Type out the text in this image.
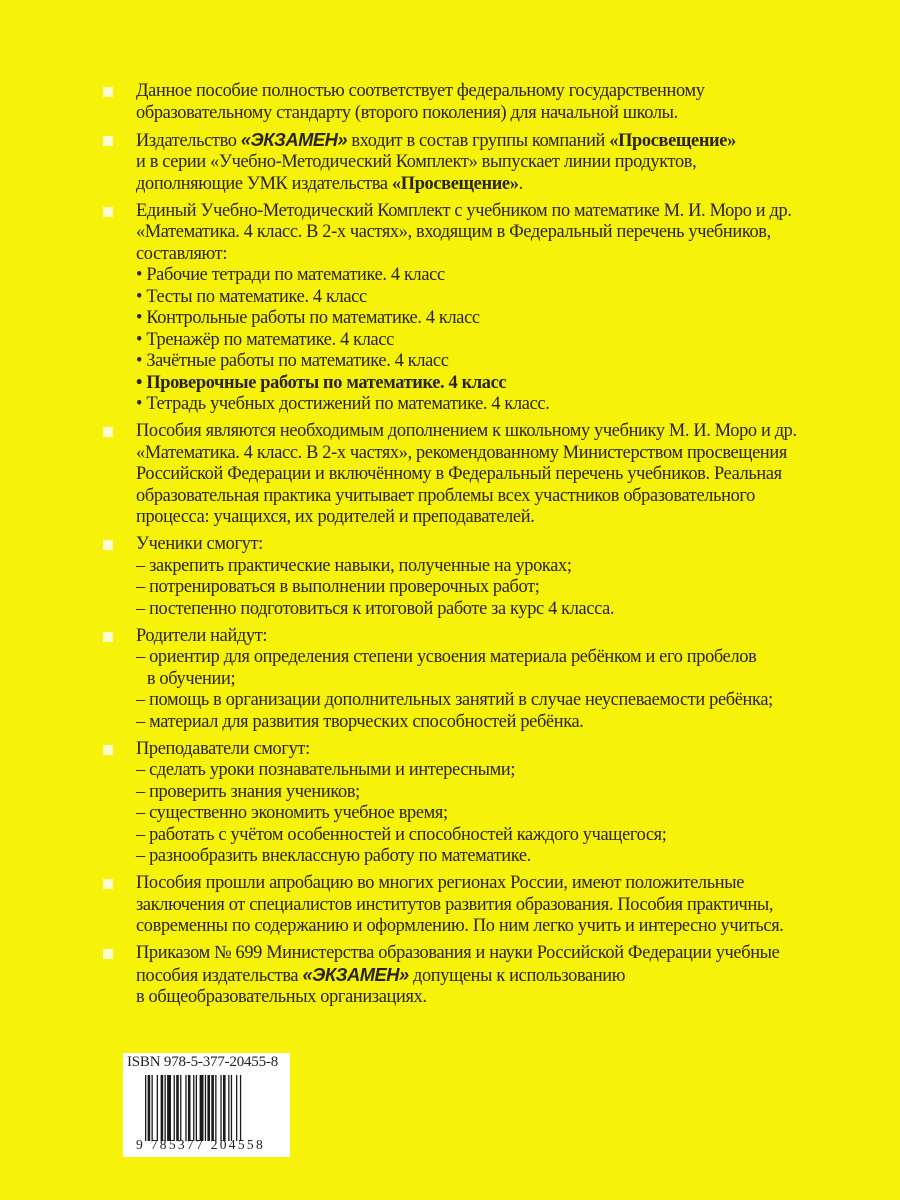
Данное пособие полностью соответствует федеральному государственному
образовательному стандарту (второго поколения) для начальной школы.
Издательство «ЭКЗАМЕН» входит в состав группы компаний «Просвещение»
и в серии «Учебно-Методический Комплект» выпускает линии продуктов,
дополняющие УМК издательства «Просвещение».
Единый Учебно-Методический Комплект с учебником по математике М. И. Моро и др.
«Математика. 4 класс. В 2-х частях», входящим в Федеральный перечень учебников,
составляют:
• Рабочие тетради по математике. 4 класс
• Тесты по математике. 4 класс
• Контрольные работы по математике. 4 класс
• Тренажёр по математике. 4 класс
• Зачётные работы по математике. 4 класс
• Проверочные работы по математике. 4 класс
• Тетрадь учебных достижений по математике. 4 класс.
Пособия являются необходимым дополнением к школьному учебнику М. И. Моро и др.
«Математика. 4 класс. В 2-х частях», рекомендованному Министерством просвещения
Российской Федерации и включённому в Федеральный перечень учебников. Реальная
образовательная практика учитывает проблемы всех участников образовательного
процесса: учащихся, их родителей и преподавателей.
Ученики смогут:
– закрепить практические навыки, полученные на уроках;
– потренироваться в выполнении проверочных работ;
– постепенно подготовиться к итоговой работе за курс 4 класса.
Родители найдут:
– ориентир для определения степени усвоения материала ребёнком и его пробелов
в обучении;
– помощь в организации дополнительных занятий в случае неуспеваемости ребёнка;
– материал для развития творческих способностей ребёнка.
Преподаватели смогут:
– сделать уроки познавательными и интересными;
– проверить знания учеников;
– существенно экономить учебное время;
– работать с учётом особенностей и способностей каждого учащегося;
– разнообразить внеклассную работу по математике.
Пособия прошли апробацию во многих регионах России, имеют положительные
заключения от специалистов институтов развития образования. Пособия практичны,
современны по содержанию и оформлению. По ним легко учить и интересно учиться.
Приказом № 699 Министерства образования и науки Российской Федерации учебные
пособия издательства «ЭКЗАМЕН» допущены к использованию
в общеобразовательных организациях.
ISBN 978-5-377-20455-8
9 785377 204558
